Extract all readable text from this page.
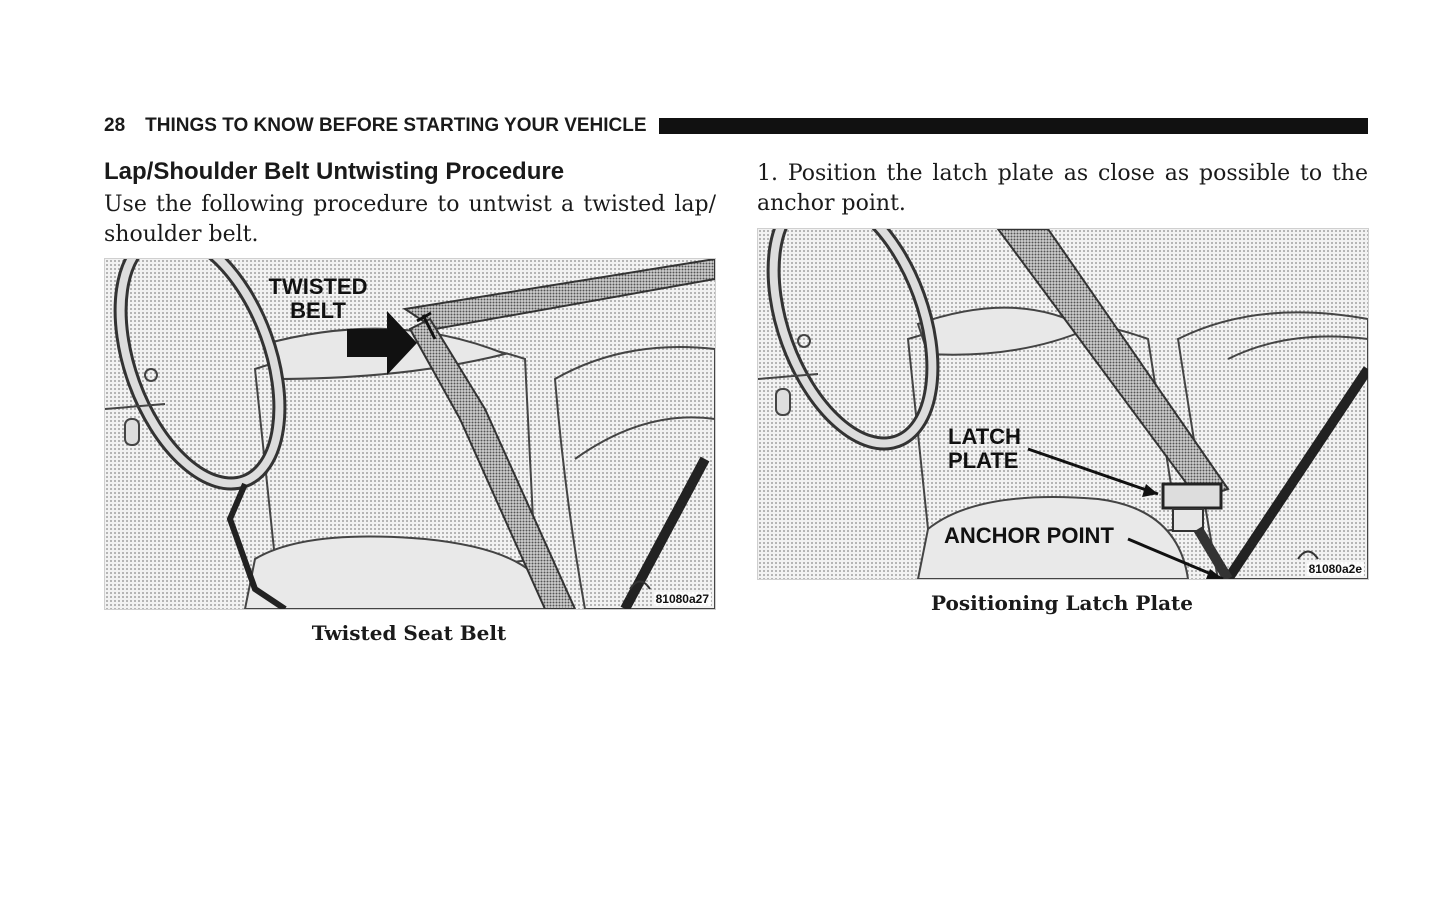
28 THINGS TO KNOW BEFORE STARTING YOUR VEHICLE
Lap/Shoulder Belt Untwisting Procedure

Use the following procedure to untwist a twisted lap/ shoulder belt.

1. Position the latch plate as close as possible to the anchor point.

TWISTED
BELT
81080a27
Twisted Seat Belt
LATCH
PLATE
ANCHOR POINT
81080a2e
Positioning Latch Plate
